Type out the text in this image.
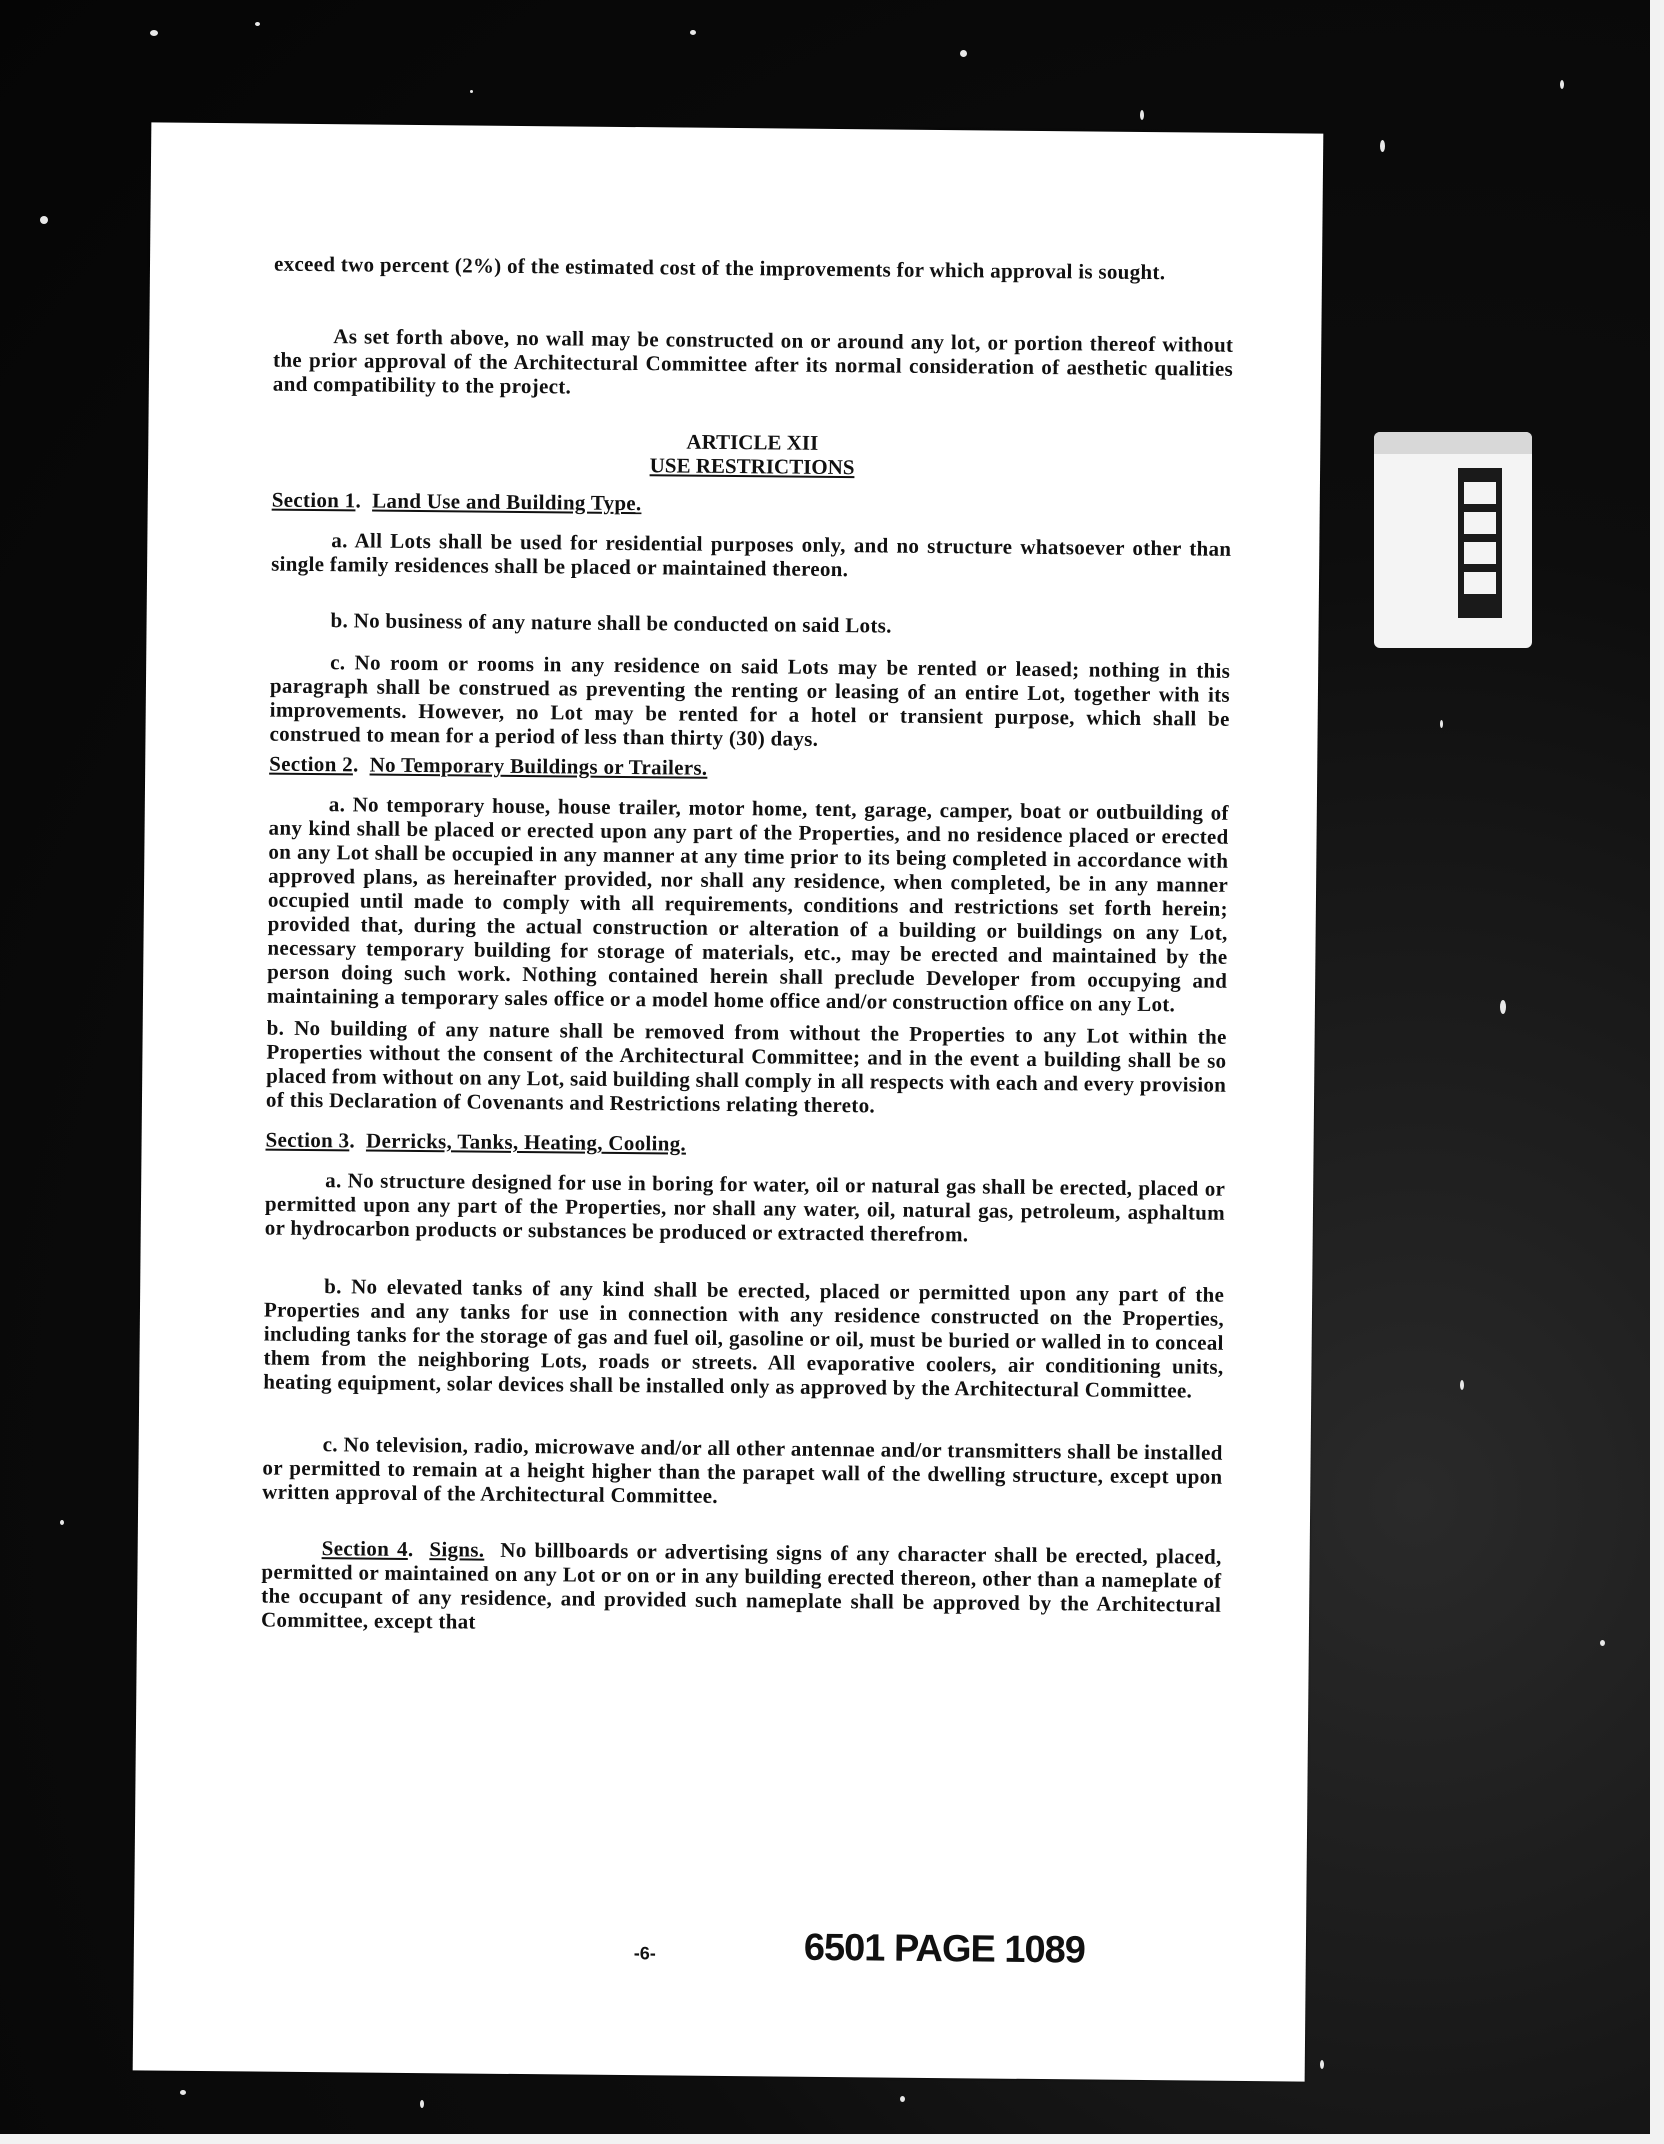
exceed two percent (2%) of the estimated cost of the improvements for which approval is sought.

As set forth above, no wall may be constructed on or around any lot, or portion thereof without the prior approval of the Architectural Committee after its normal consideration of aesthetic qualities and compatibility to the project.

ARTICLE XII
USE RESTRICTIONS
Section 1.  Land Use and Building Type.

a. All Lots shall be used for residential purposes only, and no structure whatsoever other than single family residences shall be placed or maintained thereon.

b. No business of any nature shall be conducted on said Lots.

c. No room or rooms in any residence on said Lots may be rented or leased; nothing in this paragraph shall be construed as preventing the renting or leasing of an entire Lot, together with its improvements. However, no Lot may be rented for a hotel or transient purpose, which shall be construed to mean for a period of less than thirty (30) days.

Section 2.  No Temporary Buildings or Trailers.

a. No temporary house, house trailer, motor home, tent, garage, camper, boat or outbuilding of any kind shall be placed or erected upon any part of the Properties, and no residence placed or erected on any Lot shall be occupied in any manner at any time prior to its being completed in accordance with approved plans, as hereinafter provided, nor shall any residence, when completed, be in any manner occupied until made to comply with all requirements, conditions and restrictions set forth herein; provided that, during the actual construction or alteration of a building or buildings on any Lot, necessary temporary building for storage of materials, etc., may be erected and maintained by the person doing such work. Nothing contained herein shall preclude Developer from occupying and maintaining a temporary sales office or a model home office and/or construction office on any Lot.

b. No building of any nature shall be removed from without the Properties to any Lot within the Properties without the consent of the Architectural Committee; and in the event a building shall be so placed from without on any Lot, said building shall comply in all respects with each and every provision of this Declaration of Covenants and Restrictions relating thereto.

Section 3.  Derricks, Tanks, Heating, Cooling.

a. No structure designed for use in boring for water, oil or natural gas shall be erected, placed or permitted upon any part of the Properties, nor shall any water, oil, natural gas, petroleum, asphaltum or hydrocarbon products or substances be produced or extracted therefrom.

b. No elevated tanks of any kind shall be erected, placed or permitted upon any part of the Properties and any tanks for use in connection with any residence constructed on the Properties, including tanks for the storage of gas and fuel oil, gasoline or oil, must be buried or walled in to conceal them from the neighboring Lots, roads or streets. All evaporative coolers, air conditioning units, heating equipment, solar devices shall be installed only as approved by the Architectural Committee.

c. No television, radio, microwave and/or all other antennae and/or transmitters shall be installed or permitted to remain at a height higher than the parapet wall of the dwelling structure, except upon written approval of the Architectural Committee.

Section 4.  Signs. No billboards or advertising signs of any character shall be erected, placed, permitted or maintained on any Lot or on or in any building erected thereon, other than a nameplate of the occupant of any residence, and provided such nameplate shall be approved by the Architectural Committee, except that

-6-	6501 PAGE 1089
